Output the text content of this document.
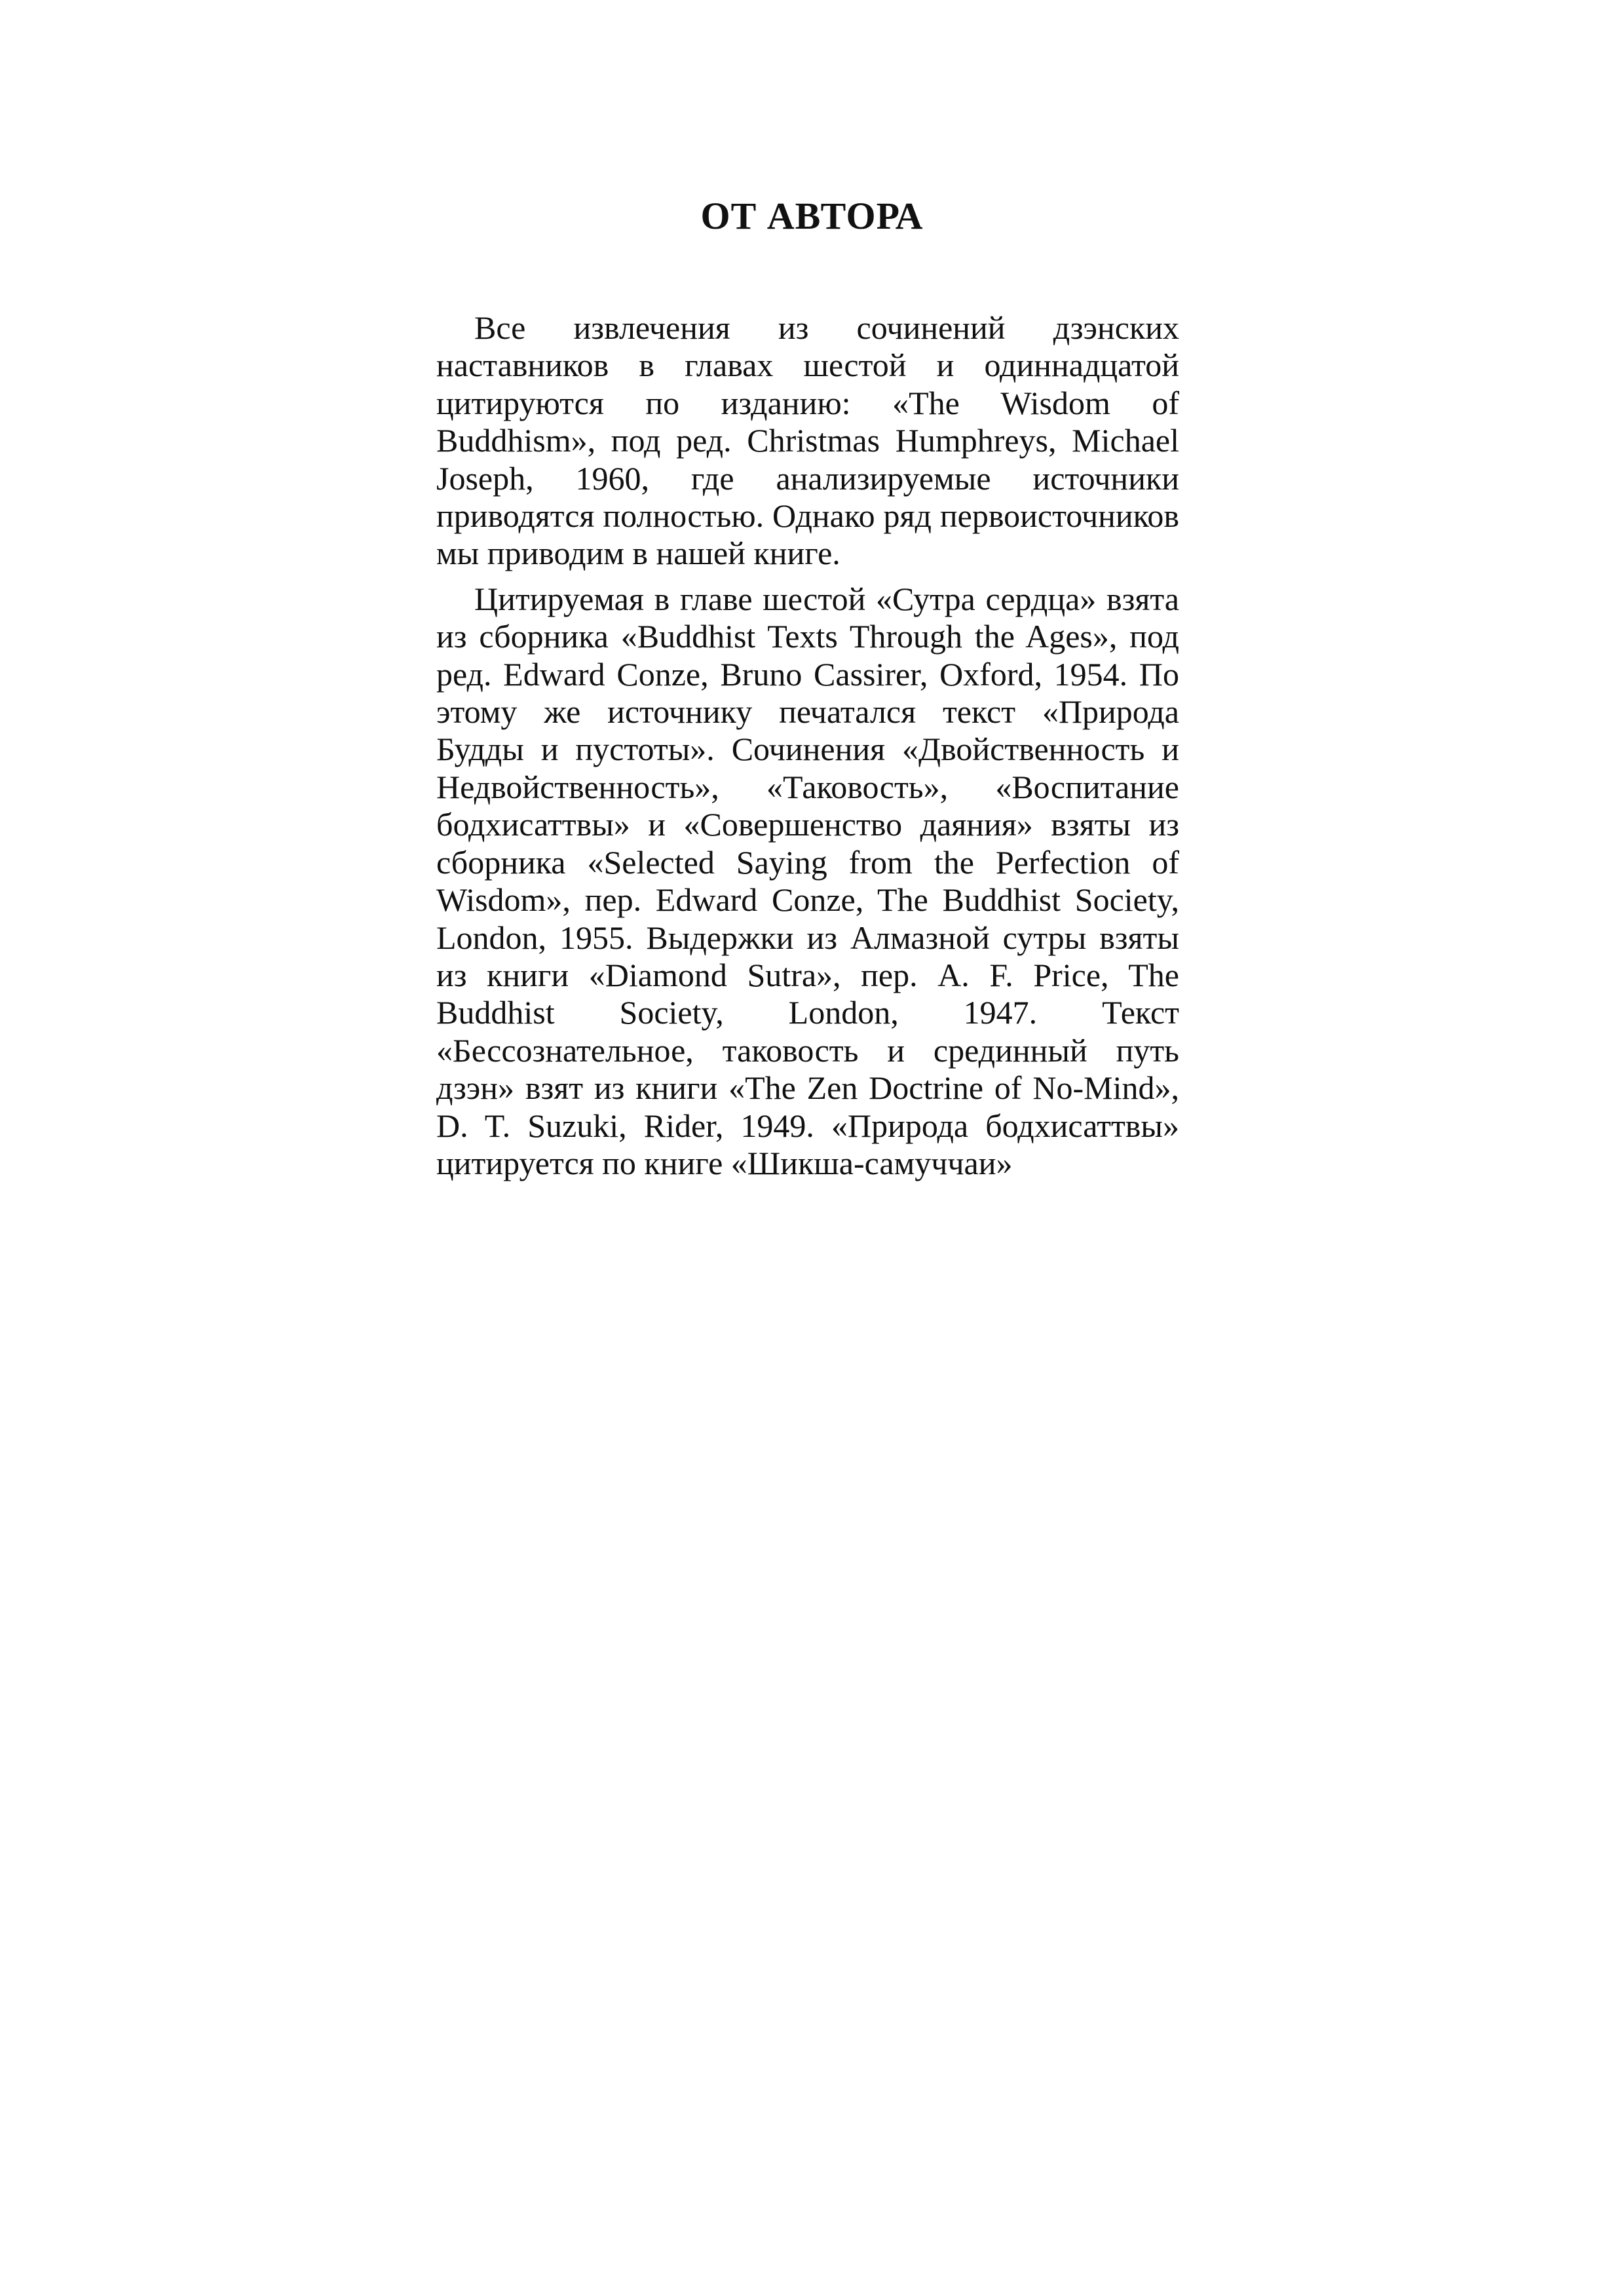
ОТ АВТОРА

Все извлечения из сочинений дзэнских наставников в главах шестой и одиннадцатой цитируются по изданию: «The Wisdom of Buddhism», под ред. Christmas Humphreys, Michael Joseph, 1960, где анализируемые источники приводятся полностью. Однако ряд первоисточников мы приводим в нашей книге.

Цитируемая в главе шестой «Сутра сердца» взята из сборника «Buddhist Texts Through the Ages», под ред. Edward Conze, Bruno Cassirer, Oxford, 1954. По этому же источнику печатался текст «Природа Будды и пустоты». Сочинения «Двойственность и Недвойственность», «Таковость», «Воспитание бодхисаттвы» и «Совершенство даяния» взяты из сборника «Selected Saying from the Perfection of Wisdom», пер. Edward Conze, The Buddhist Society, London, 1955. Выдержки из Алмазной сутры взяты из книги «Diamond Sutra», пер. A. F. Price, The Buddhist Society, London, 1947. Текст «Бессознательное, таковость и срединный путь дзэн» взят из книги «The Zen Doctrine of No-Mind», D. T. Suzuki, Rider, 1949. «Природа бодхисаттвы» цитируется по книге «Шикша-самуччаи»
